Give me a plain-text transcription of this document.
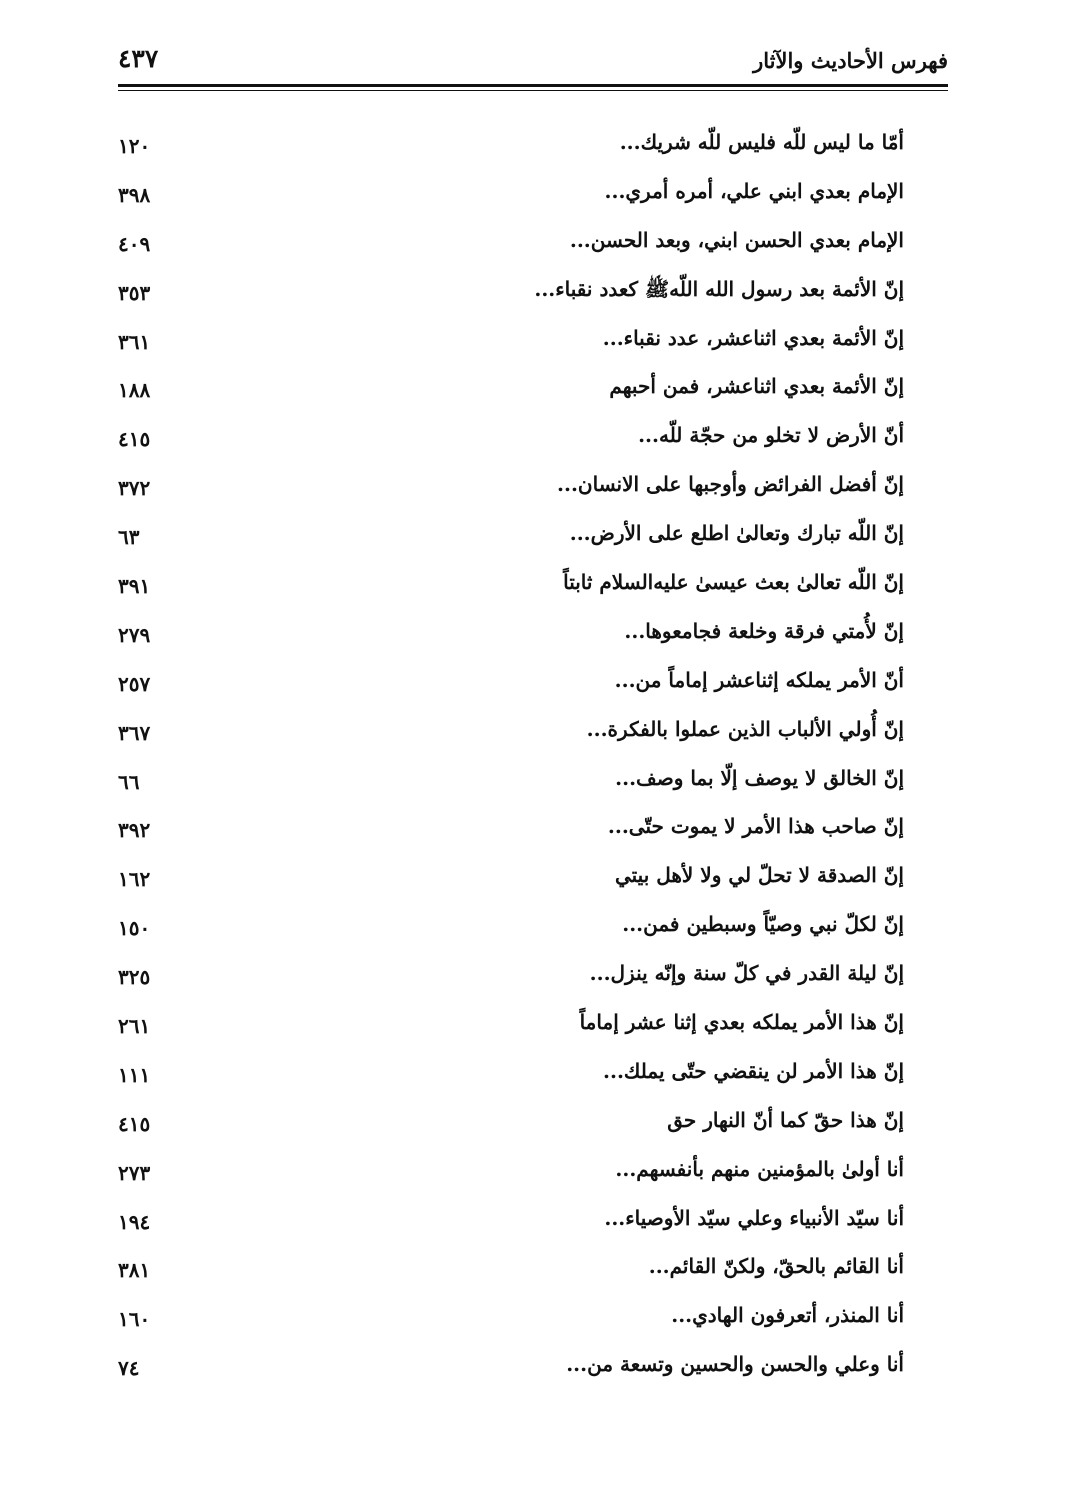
فهرس الأحاديث والآثار
٤٣٧
أمّا ما ليس للّه فليس للّه شريك...
١٢٠
الإمام بعدي ابني علي، أمره أمري...
٣٩٨
الإمام بعدي الحسن ابني، وبعد الحسن...
٤٠٩
إنّ الأئمة بعد رسول الله اللّهﷺ كعدد نقباء...
٣٥٣
إنّ الأئمة بعدي اثناعشر، عدد نقباء...
٣٦١
إنّ الأئمة بعدي اثناعشر، فمن أحبهم
١٨٨
أنّ الأرض لا تخلو من حجّة للّه...
٤١٥
إنّ أفضل الفرائض وأوجبها على الانسان...
٣٧٢
إنّ اللّه تبارك وتعالىٰ اطلع على الأرض...
٦٣
إنّ اللّه تعالىٰ بعث عيسىٰ عليه‌السلام ثابتاً
٣٩١
إنّ لأُمتي فرقة وخلعة فجامعوها...
٢٧٩
أنّ الأمر يملكه إثناعشر إماماً من...
٢٥٧
إنّ أُولي الألباب الذين عملوا بالفكرة...
٣٦٧
إنّ الخالق لا يوصف إلّا بما وصف...
٦٦
إنّ صاحب هذا الأمر لا يموت حتّى...
٣٩٢
إنّ الصدقة لا تحلّ لي ولا لأهل بيتي
١٦٢
إنّ لكلّ نبي وصيّاً وسبطين فمن...
١٥٠
إنّ ليلة القدر في كلّ سنة وإنّه ينزل...
٣٢٥
إنّ هذا الأمر يملكه بعدي إثنا عشر إماماً
٢٦١
إنّ هذا الأمر لن ينقضي حتّى يملك...
١١١
إنّ هذا حقّ كما أنّ النهار حق
٤١٥
أنا أولىٰ بالمؤمنين منهم بأنفسهم...
٢٧٣
أنا سيّد الأنبياء وعلي سيّد الأوصياء...
١٩٤
أنا القائم بالحقّ، ولكنّ القائم...
٣٨١
أنا المنذر، أتعرفون الهادي...
١٦٠
أنا وعلي والحسن والحسين وتسعة من...
٧٤
